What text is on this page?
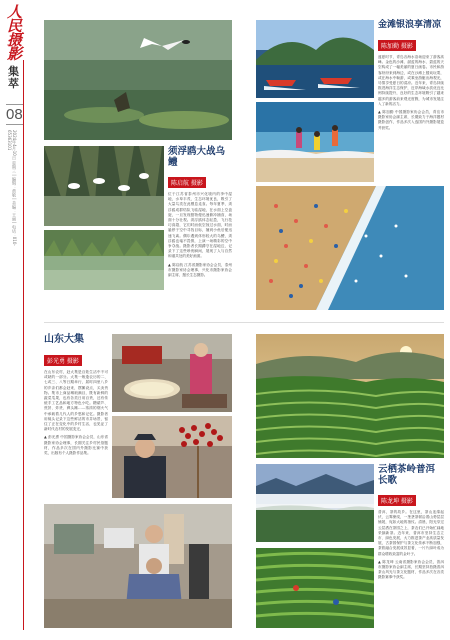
人民摄影
集萃
08
2024年4月10日 星期三 | 编辑：黄敏 | 美编：王丽 | 电话：010-65363101
须浮鸥大战乌鳢
陈启航 摄影
位于江苏省泰州市兴化境内的李中湿地，水草丰茂，生态环境优良，吸引了大量鸟类在此栖息觅食。每年夏季，须浮鸥成群结队飞临湿地，在水面上空盘旋，一旦发现猎物便迅速俯冲捕食，场面十分壮观。须浮鸥体态轻盈，飞行技巧高超，它们时而低空掠过水面，时而悬停于空中寻找目标，捕到小鱼后便迅速飞离。偶尔遇到体形较大的乌鳢，须浮鸥也毫不畏惧，上演一场精彩的空中争夺战。摄影者长期蹲守在湿地边，记录下了这些珍贵瞬间，展现了人与自然和谐共处的美好画面。
▲ 陈启航 江苏省摄影家协会会员，泰州市摄影家协会理事，兴化市摄影家协会副主席，擅长生态摄影。
金滩银浪享清凉
陈加勤 摄影
盛夏时节，青岛各海水浴场迎来了游客高峰。金色的沙滩、湛蓝的海水、碧蓝的天空构成了一幅美丽的夏日画卷。市民和游客纷纷来到海边，或在沙滩上嬉戏玩耍，或在海水中畅游，或乘坐游艇出海观光，尽情享受夏日的清凉。近年来，青岛持续推进海洋生态保护，近岸海域水质优良比例持续提升，良好的生态环境吸引了越来越多的游客前来观光度假，为城市发展注入了新的活力。
▲ 陈加勤 中国摄影家协会会员，青岛市摄影家协会副主席，长期致力于海洋题材摄影创作，作品多次入选国内外摄影展览并获奖。
山东大集
彭光勇 摄影
在山东农村，赶大集是百姓生活中不可或缺的一部分。大集一般逢农历的二、七或三、八等日期举行，届时四里八乡的乡亲们都会赶来，摆摊设点，买卖货物。集市上商品琳琅满目，既有新鲜的蔬菜瓜果，也有各类日用百货，还有传统手工艺品和地方特色小吃。糖葫芦、煎饼、炸货、剃头摊……浓浓的烟火气中承载着几代人的乡愁和记忆。摄影者用镜头记录下这些鲜活的市井场景，留住了正在变化中的乡村生活，也见证了新时代农村的发展变迁。
▲ 彭光勇 中国摄影家协会会员，山东省摄影家协会理事，长期关注乡村民俗题材，作品多次在国内外摄影比赛中获奖，出版有个人摄影作品集。
云栖茶岭普洱长歌
陈龙坤 摄影
普洱，茶的故乡。在这里，茶山连绵起伏，云雾缭绕，一垄垄茶树沿着山势层层铺展，宛如大地的指纹。清晨，阳光穿过云层洒在茶园之上，茶农们已开始忙碌地采摘新茶。近年来，普洱市坚持生态立市、绿色发展，大力推进茶产业高质量发展，古茶园保护与茶文化传承不断加强，茶旅融合发展成效显著，一片片绿叶成为群众增收致富的金叶子。
▲ 陈龙坤 云南省摄影家协会会员，普洱市摄影家协会副主席，长期坚持拍摄普洱茶山风光与茶文化题材，作品多次在各类摄影赛事中获奖。
